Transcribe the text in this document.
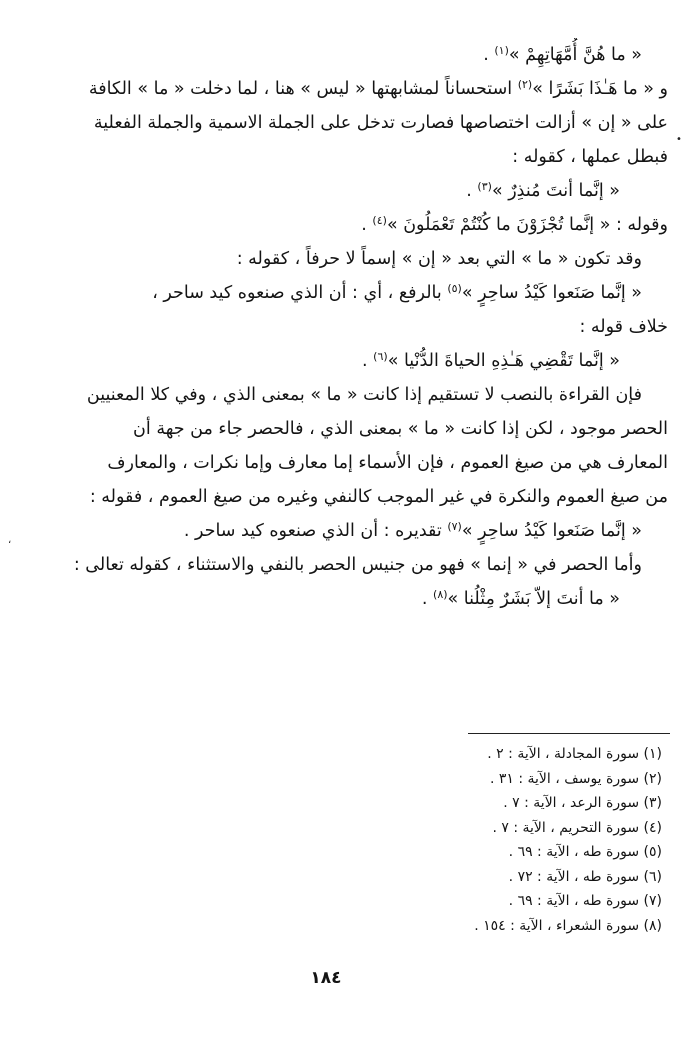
« ما هُنَّ أُمَّهَاتِهِمْ »$^{(١)}$ .
و « ما هَـٰذَا بَشَرًا »$^{(٢)}$ استحساناً لمشابهتها « ليس » هنا ، لما دخلت « ما » الكافة
على « إن » أزالت اختصاصها فصارت تدخل على الجملة الاسمية والجملة الفعلية
فبطل عملها ، كقوله :
« إنَّما أنتَ مُنذِرٌ »$^{(٣)}$ .
وقوله : « إنَّما تُجْزَوْنَ ما كُنْتُمْ تَعْمَلُونَ »$^{(٤)}$ .
وقد تكون « ما » التي بعد « إن » إسماً لا حرفاً ، كقوله :
« إنَّما صَنَعوا كَيْدُ ساحِرٍ »$^{(٥)}$ بالرفع ، أي : أن الذي صنعوه كيد ساحر ،
خلاف قوله :
« إنَّما تَقْضِي هَـٰذِهِ الحياةَ الدُّنْيا »$^{(٦)}$ .
فإن القراءة بالنصب لا تستقيم إذا كانت « ما » بمعنى الذي ، وفي كلا المعنيين
الحصر موجود ، لكن إذا كانت « ما » بمعنى الذي ، فالحصر جاء من جهة أن
المعارف هي من صيغ العموم ، فإن الأسماء إما معارف وإما نكرات ، والمعارف
من صيغ العموم والنكرة في غير الموجب كالنفي وغيره من صيغ العموم ، فقوله :
« إنَّما صَنَعوا كَيْدُ ساحِرٍ »$^{(٧)}$ تقديره : أن الذي صنعوه كيد ساحر .
وأما الحصر في « إنما » فهو من جنيس الحصر بالنفي والاستثناء ، كقوله تعالى :
« ما أنتَ إلاّ بَشَرٌ مِثْلُنا »$^{(٨)}$ .
(١) سورة المجادلة ، الآية : ٢ .
(٢) سورة يوسف ، الآية : ٣١ .
(٣) سورة الرعد ، الآية : ٧ .
(٤) سورة التحريم ، الآية : ٧ .
(٥) سورة طه ، الآية : ٦٩ .
(٦) سورة طه ، الآية : ٧٢ .
(٧) سورة طه ، الآية : ٦٩ .
(٨) سورة الشعراء ، الآية : ١٥٤ .
١٨٤
•
،
